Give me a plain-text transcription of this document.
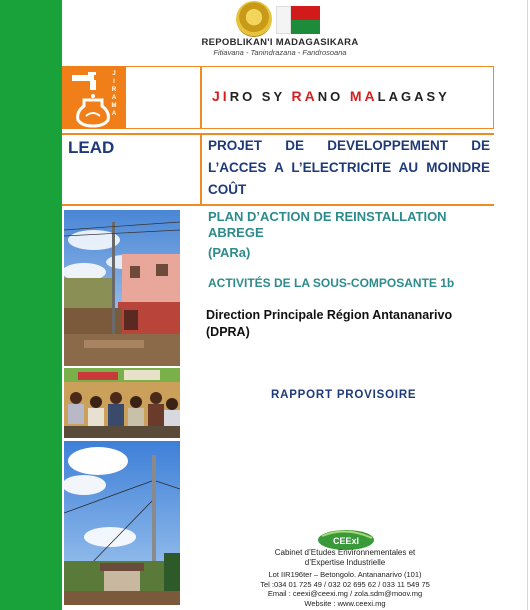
REPOBLIKAN'I MADAGASIKARA
Fitiavana - Tanindrazana - Fandrosoana
J
I
R
A
M
A
JIRO SY RANO MALAGASY
LEAD	PROJET DE DEVELOPPEMENT DE L’ACCES A L’ELECTRICITE AU MOINDRE COÛT
PLAN D’ACTION DE REINSTALLATION ABREGE
(PARa)
ACTIVITÉS DE LA SOUS-COMPOSANTE 1b
Direction Principale Région Antananarivo
(DPRA)
RAPPORT PROVISOIRE
CEExI
Cabinet d’Etudes Environnementales et
d’Expertise Industrielle
Lot IIR196ter – Betongolo. Antananarivo (101)
Tel :034 01 725 49 / 032 02 695 62 / 033 11 549 75
Email : ceexi@ceexi.mg / zola.sdm@moov.mg
Website : www.ceexi.mg
